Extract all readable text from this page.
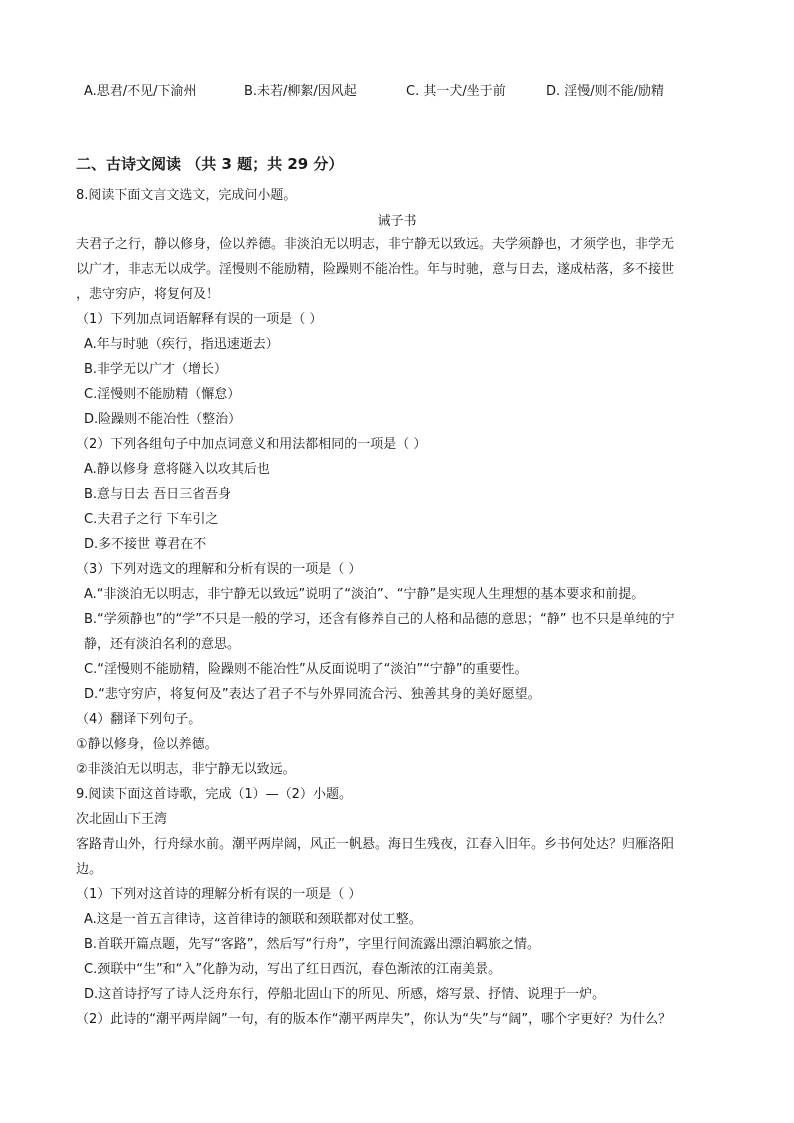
A.思君/不见/下渝州	B.未若/柳絮/因风起	C. 其一犬/坐于前	D. 淫慢/则不能/励精
二、古诗文阅读 （共 3 题；共 29 分）
8.阅读下面文言文选文，完成问小题。
诫子书
夫君子之行，静以修身，俭以养德。非淡泊无以明志，非宁静无以致远。夫学须静也，才须学也，非学无
以广才，非志无以成学。淫慢则不能励精，险躁则不能冶性。年与时驰，意与日去，遂成枯落，多不接世
，悲守穷庐，将复何及！
（1）下列加点词语解释有误的一项是（ ）
A.年与时驰（疾行，指迅速逝去）
B.非学无以广才（增长）
C.淫慢则不能励精（懈怠）
D.险躁则不能冶性（整治）
（2）下列各组句子中加点词意义和用法都相同的一项是（ ）
A.静以修身 意将隧入以攻其后也
B.意与日去 吾日三省吾身
C.夫君子之行 下车引之
D.多不接世 尊君在不
（3）下列对选文的理解和分析有误的一项是（ ）
A.“非淡泊无以明志，非宁静无以致远”说明了“淡泊”、“宁静”是实现人生理想的基本要求和前提。
B.“学须静也”的“学”不只是一般的学习，还含有修养自己的人格和品德的意思；“静” 也不只是单纯的宁
静，还有淡泊名利的意思。
C.“淫慢则不能励精，险躁则不能冶性”从反面说明了“淡泊”“宁静”的重要性。
D.“悲守穷庐，将复何及”表达了君子不与外界同流合污、独善其身的美好愿望。
（4）翻译下列句子。
①静以修身，俭以养德。
②非淡泊无以明志，非宁静无以致远。
9.阅读下面这首诗歌，完成（1）—（2）小题。
次北固山下王湾
客路青山外，行舟绿水前。潮平两岸阔，风正一帆悬。海日生残夜，江春入旧年。乡书何处达？归雁洛阳
边。
（1）下列对这首诗的理解分析有误的一项是（ ）
A.这是一首五言律诗，这首律诗的颔联和颈联都对仗工整。
B.首联开篇点题，先写“客路”，然后写“行舟”，字里行间流露出漂泊羁旅之情。
C.颈联中“生”和“入”化静为动，写出了红日西沉，春色渐浓的江南美景。
D.这首诗抒写了诗人泛舟东行，停船北固山下的所见、所感，熔写景、抒情、说理于一炉。
（2）此诗的“潮平两岸阔”一句，有的版本作“潮平两岸失”，你认为“失”与“阔”，哪个字更好？为什么？
